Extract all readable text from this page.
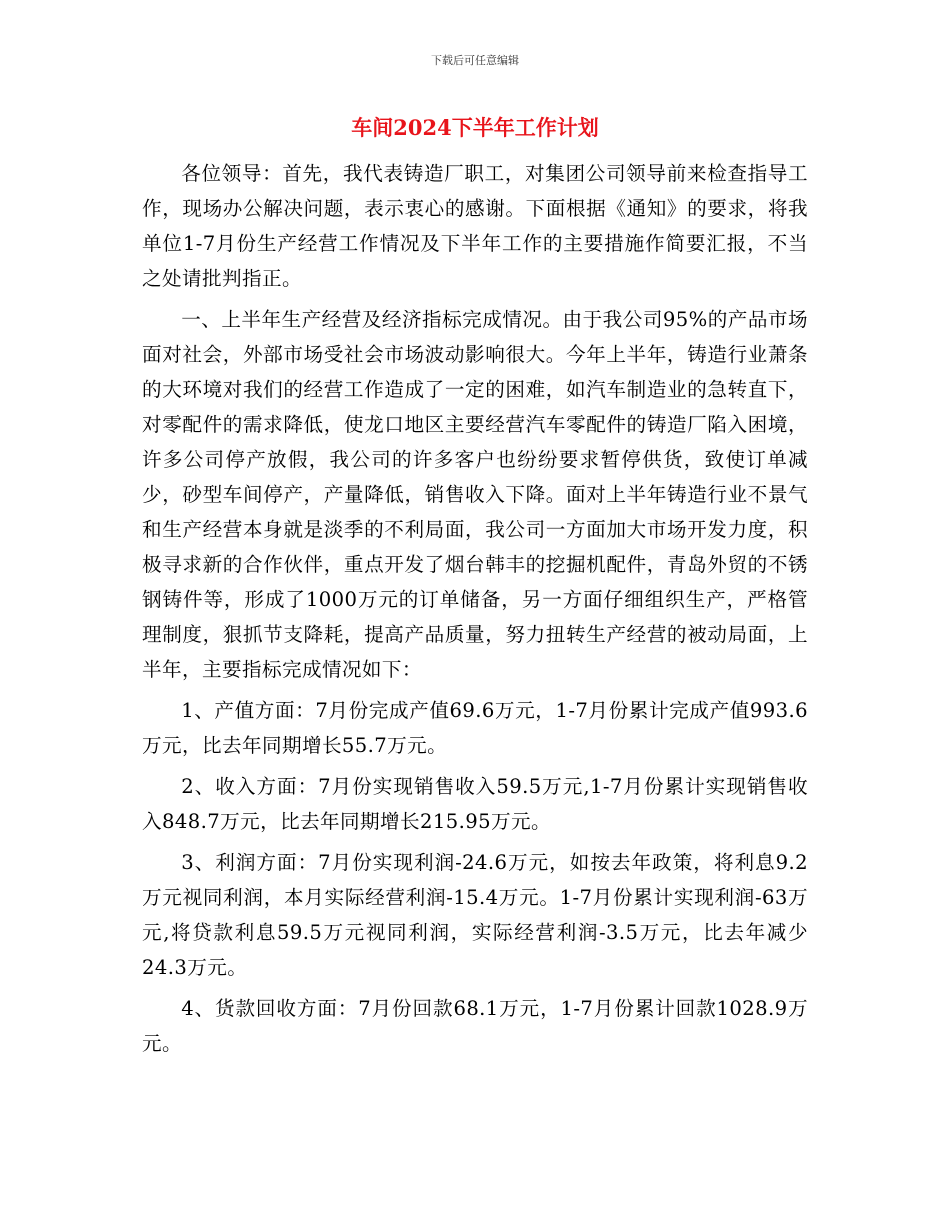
下载后可任意编辑
车间2024下半年工作计划

各位领导：首先，我代表铸造厂职工，对集团公司领导前来检查指导工作，现场办公解决问题，表示衷心的感谢。下面根据《通知》的要求，将我单位1-7月份生产经营工作情况及下半年工作的主要措施作简要汇报，不当之处请批判指正。

一、上半年生产经营及经济指标完成情况。由于我公司95%的产品市场面对社会，外部市场受社会市场波动影响很大。今年上半年，铸造行业萧条的大环境对我们的经营工作造成了一定的困难，如汽车制造业的急转直下，对零配件的需求降低，使龙口地区主要经营汽车零配件的铸造厂陷入困境，许多公司停产放假，我公司的许多客户也纷纷要求暂停供货，致使订单减少，砂型车间停产，产量降低，销售收入下降。面对上半年铸造行业不景气和生产经营本身就是淡季的不利局面，我公司一方面加大市场开发力度，积极寻求新的合作伙伴，重点开发了烟台韩丰的挖掘机配件，青岛外贸的不锈钢铸件等，形成了1000万元的订单储备，另一方面仔细组织生产，严格管理制度，狠抓节支降耗，提高产品质量，努力扭转生产经营的被动局面，上半年，主要指标完成情况如下：

1、产值方面：7月份完成产值69.6万元，1-7月份累计完成产值993.6万元，比去年同期增长55.7万元。

2、收入方面：7月份实现销售收入59.5万元,1-7月份累计实现销售收入848.7万元，比去年同期增长215.95万元。

3、利润方面：7月份实现利润-24.6万元，如按去年政策，将利息9.2万元视同利润，本月实际经营利润-15.4万元。1-7月份累计实现利润-63万元,将贷款利息59.5万元视同利润，实际经营利润-3.5万元，比去年减少24.3万元。

4、货款回收方面：7月份回款68.1万元，1-7月份累计回款1028.9万元。
